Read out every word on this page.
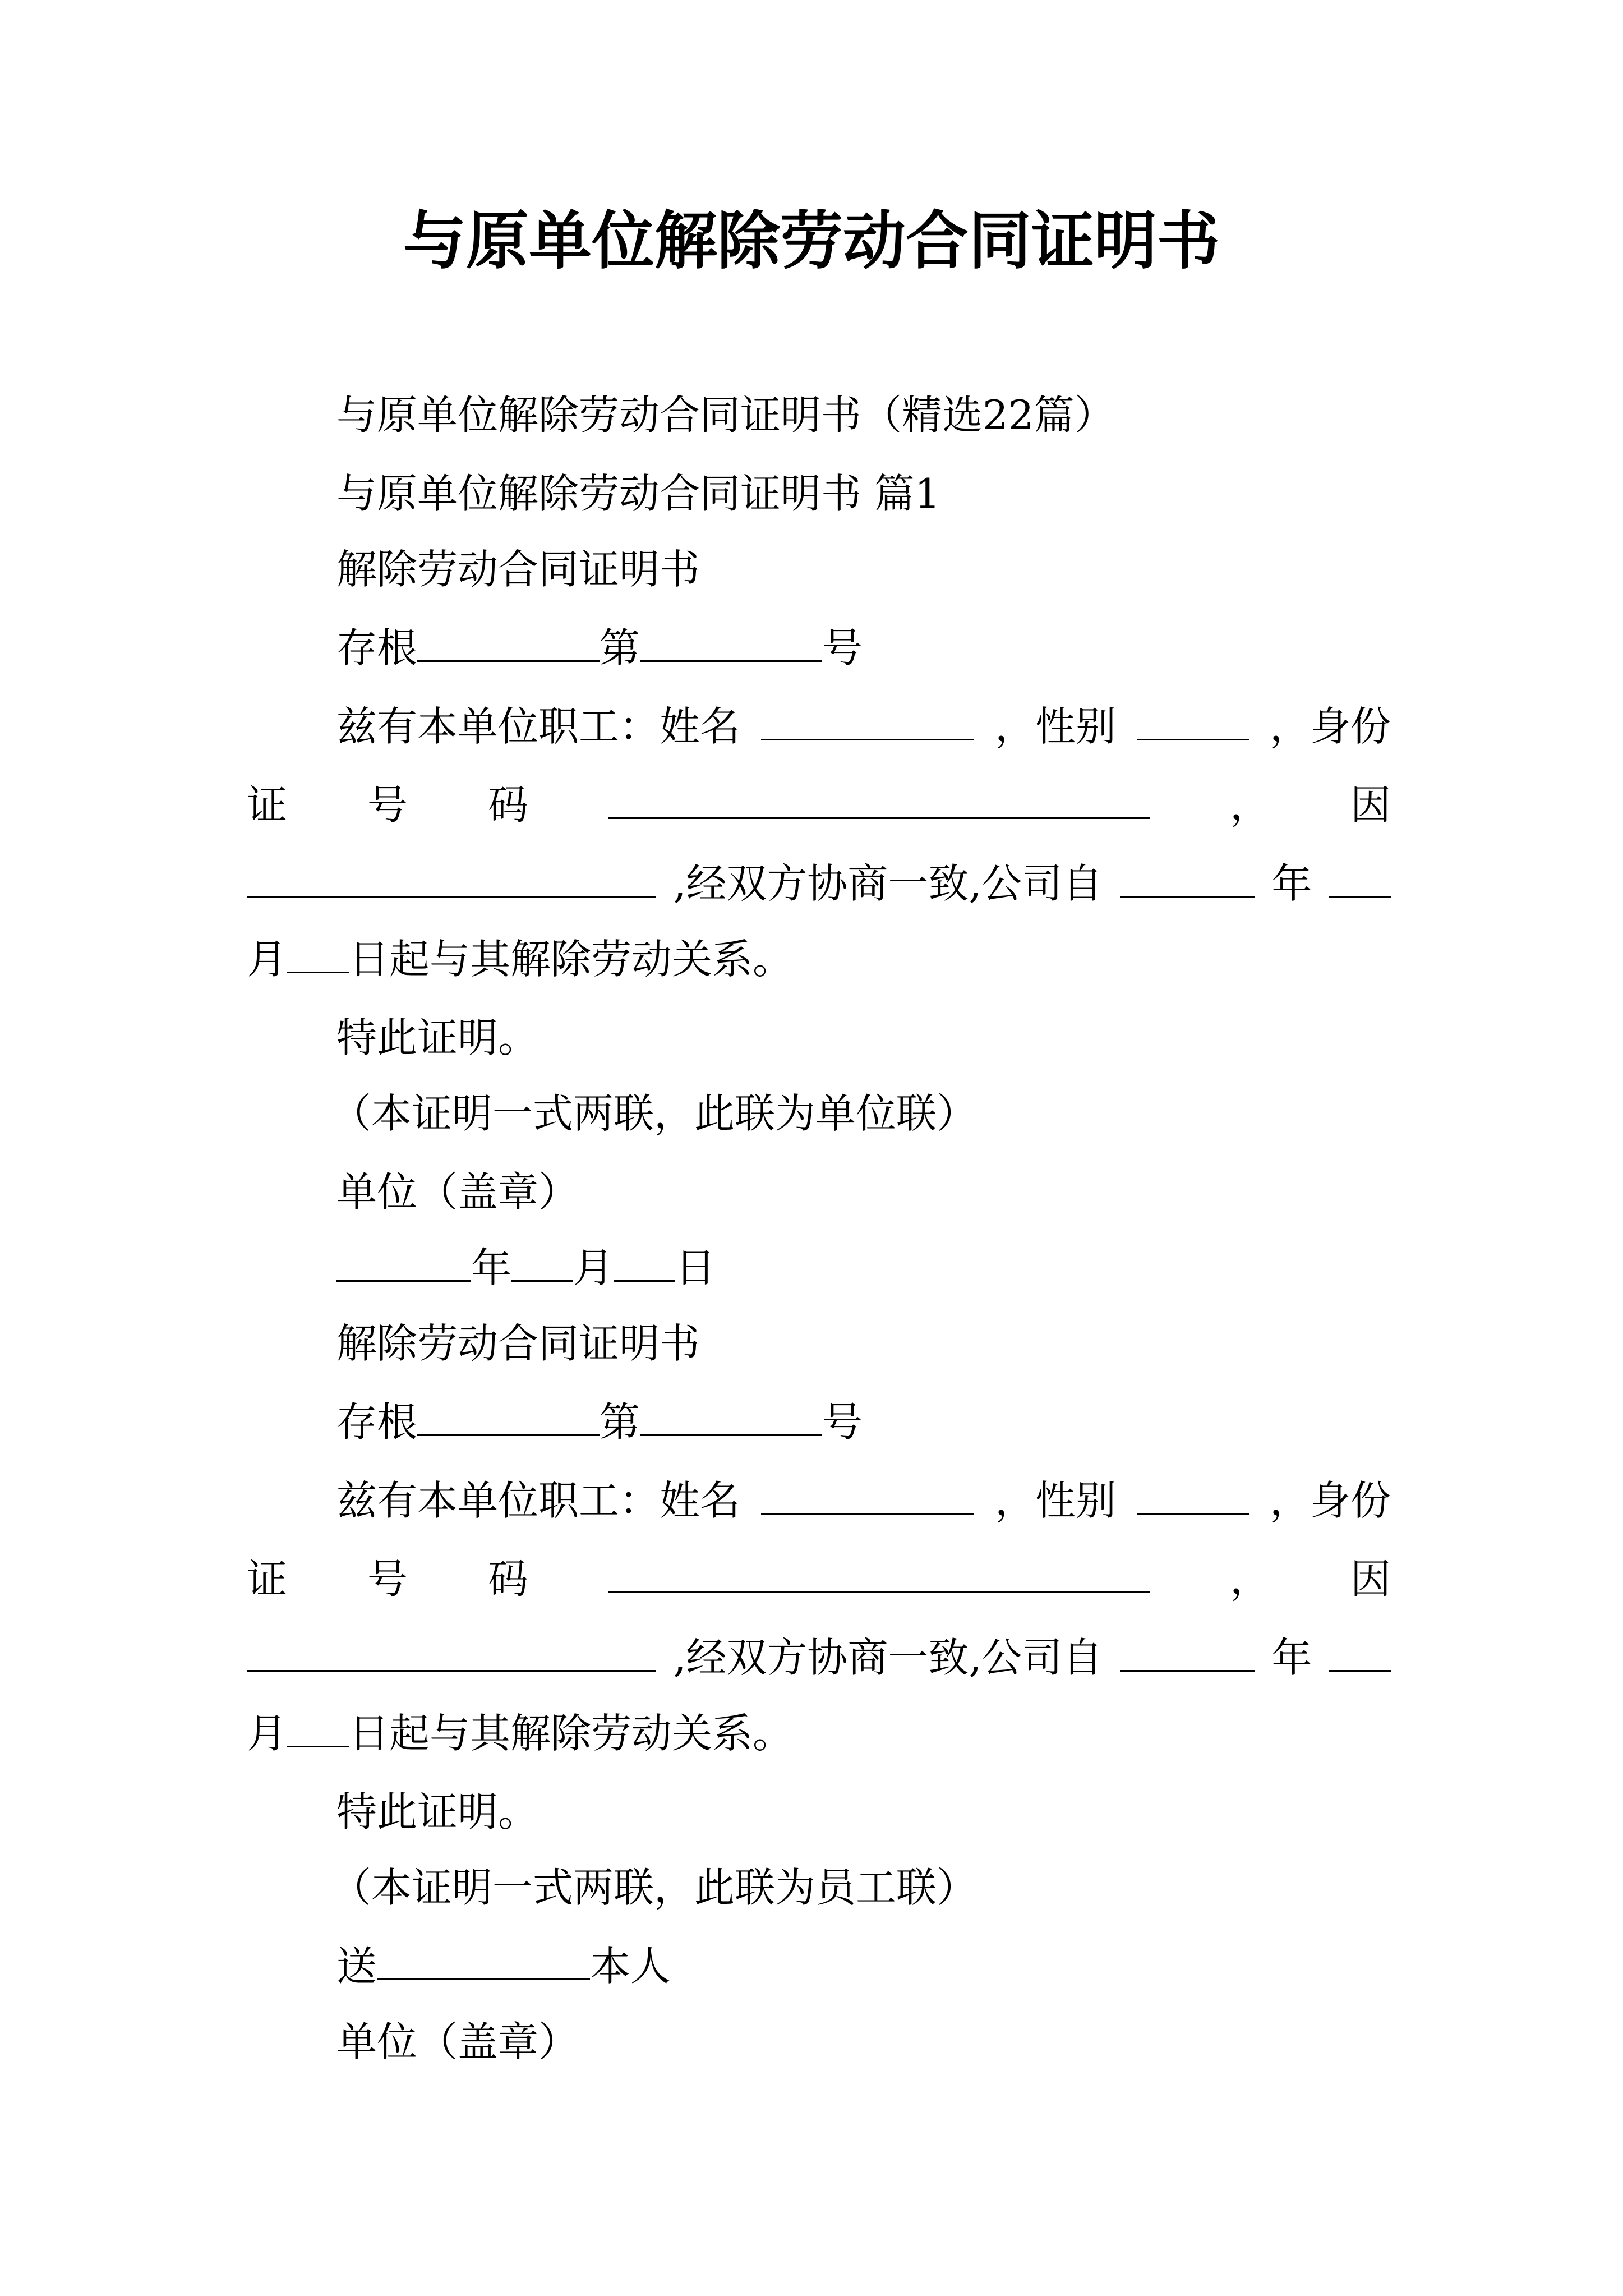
与原单位解除劳动合同证明书
与原单位解除劳动合同证明书（精选22篇）
与原单位解除劳动合同证明书 篇1
解除劳动合同证明书
存根	第	号
兹有本单位职工：姓名	，性别	，身份
证 号 码	， 因
,经双方协商一致,公司自	年
月 日起与其解除劳动关系。
特此证明。
（本证明一式两联，此联为单位联）
单位（盖章）
年 月 日
解除劳动合同证明书
存根	第	号
兹有本单位职工：姓名	，性别	，身份
证 号 码	， 因
,经双方协商一致,公司自	年
月 日起与其解除劳动关系。
特此证明。
（本证明一式两联，此联为员工联）
送	本人
单位（盖章）
